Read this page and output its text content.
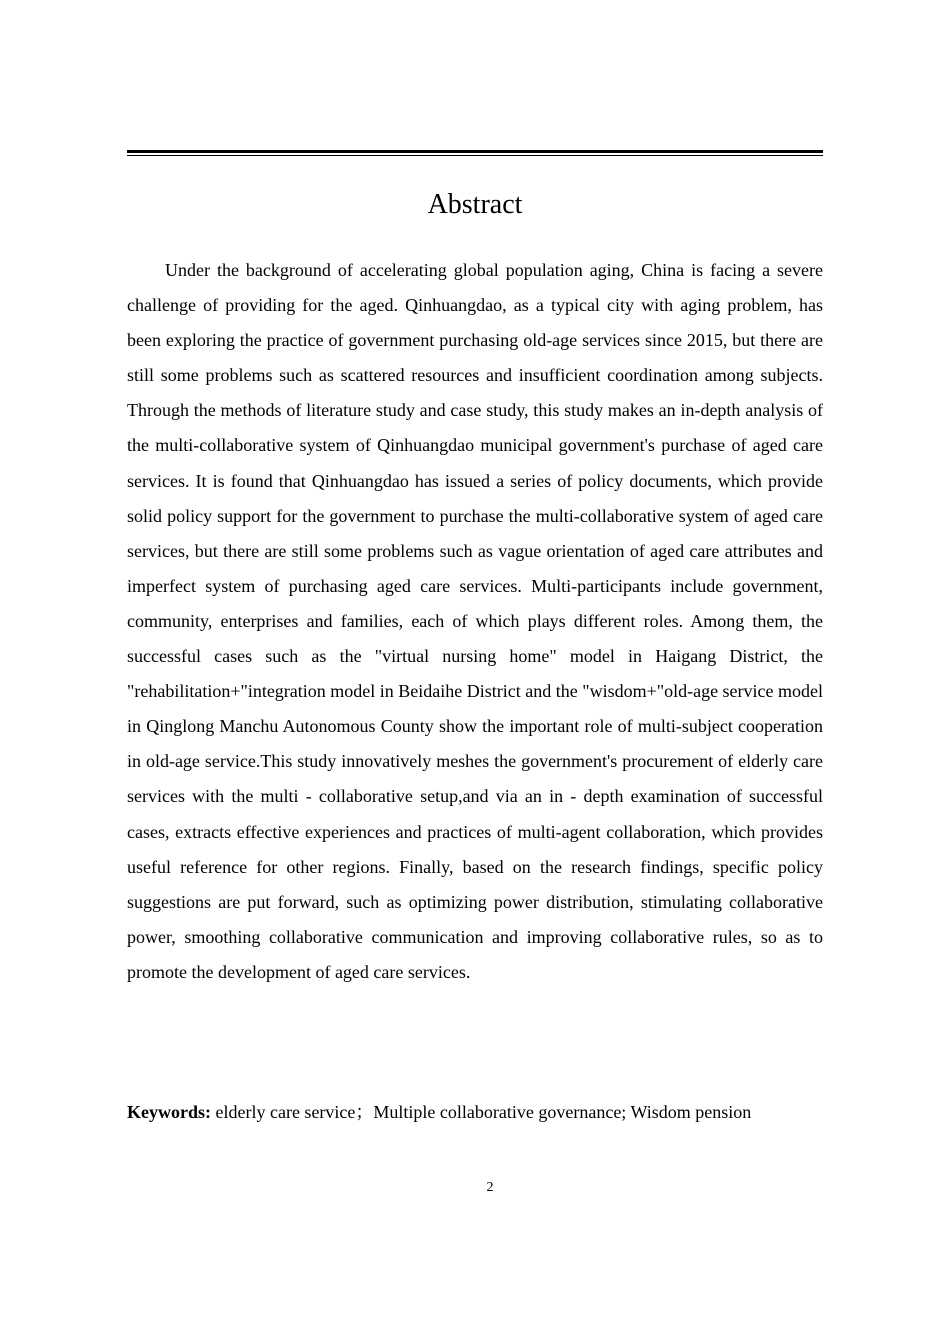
Abstract

Under the background of accelerating global population aging, China is facing a severe challenge of providing for the aged. Qinhuangdao, as a typical city with aging problem, has been exploring the practice of government purchasing old-age services since 2015, but there are still some problems such as scattered resources and insufficient coordination among subjects. Through the methods of literature study and case study, this study makes an in-depth analysis of the multi-collaborative system of Qinhuangdao municipal government's purchase of aged care services. It is found that Qinhuangdao has issued a series of policy documents, which provide solid policy support for the government to purchase the multi-collaborative system of aged care services, but there are still some problems such as vague orientation of aged care attributes and imperfect system of purchasing aged care services. Multi-participants include government, community, enterprises and families, each of which plays different roles. Among them, the successful cases such as the "virtual nursing home" model in Haigang District, the "rehabilitation+"integration model in Beidaihe District and the "wisdom+"old-age service model in Qinglong Manchu Autonomous County show the important role of multi-subject cooperation in old-age service.This study innovatively meshes the government's procurement of elderly care services with the multi - collaborative setup,and via an in - depth examination of successful cases, extracts effective experiences and practices of multi-agent collaboration, which provides useful reference for other regions. Finally, based on the research findings, specific policy suggestions are put forward, such as optimizing power distribution, stimulating collaborative power, smoothing collaborative communication and improving collaborative rules, so as to promote the development of aged care services.

Keywords: elderly care service；Multiple collaborative governance; Wisdom pension

2
